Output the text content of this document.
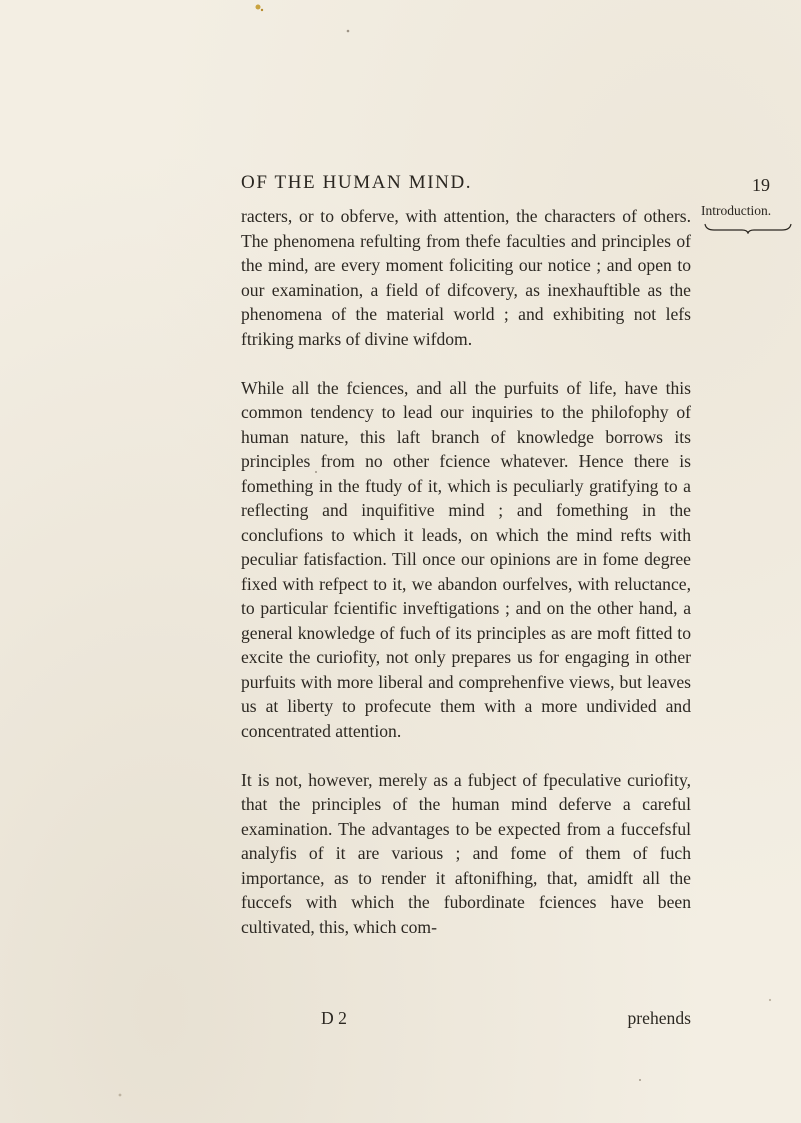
OF THE HUMAN MIND.	19
Introduction.

racters, or to obferve, with attention, the characters of others. The phenomena refulting from thefe faculties and principles of the mind, are every moment foliciting our notice ; and open to our examination, a field of difcovery, as inexhauftible as the phenomena of the material world ; and exhibiting not lefs ftriking marks of divine wifdom.

While all the fciences, and all the purfuits of life, have this common tendency to lead our inquiries to the philofophy of human nature, this laft branch of knowledge borrows its principles from no other fcience whatever. Hence there is fomething in the ftudy of it, which is peculiarly gratifying to a reflecting and inquifitive mind ; and fomething in the conclufions to which it leads, on which the mind refts with peculiar fatisfaction. Till once our opinions are in fome degree fixed with refpect to it, we abandon ourfelves, with reluctance, to particular fcientific inveftigations ; and on the other hand, a general knowledge of fuch of its principles as are moft fitted to excite the curiofity, not only prepares us for engaging in other purfuits with more liberal and comprehenfive views, but leaves us at liberty to profecute them with a more undivided and concentrated attention.

It is not, however, merely as a fubject of fpeculative curiofity, that the principles of the human mind deferve a careful examination. The advantages to be expected from a fuccefsful analyfis of it are various ; and fome of them of fuch importance, as to render it aftonifhing, that, amidft all the fuccefs with which the fubordinate fciences have been cultivated, this, which com-

D 2	prehends
